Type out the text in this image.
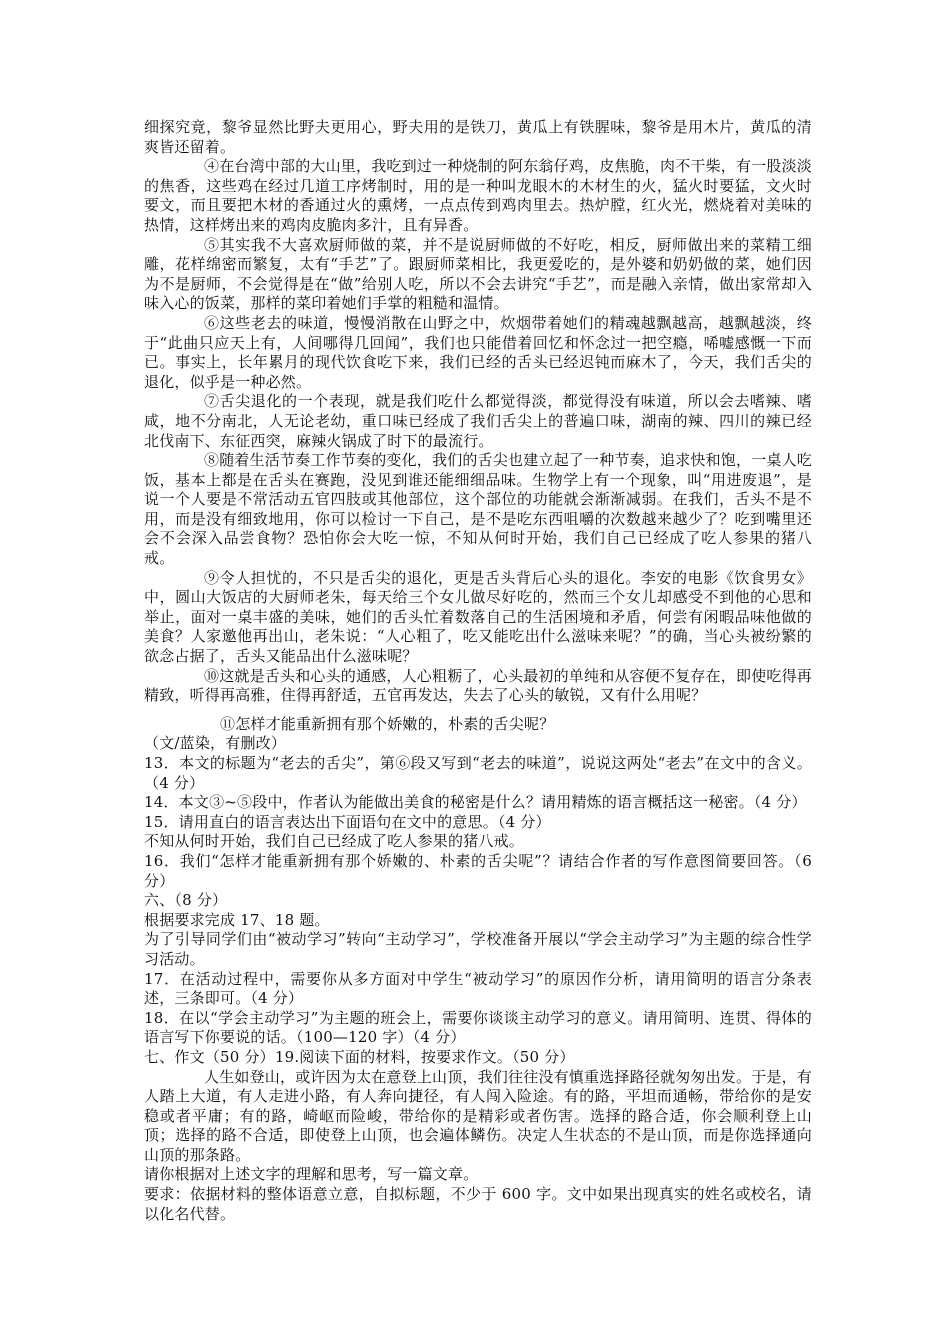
细探究竟，黎爷显然比野夫更用心，野夫用的是铁刀，黄瓜上有铁腥味，黎爷是用木片，黄瓜的清爽皆还留着。

④在台湾中部的大山里，我吃到过一种烧制的阿东翁仔鸡，皮焦脆，肉不干柴，有一股淡淡的焦香，这些鸡在经过几道工序烤制时，用的是一种叫龙眼木的木材生的火，猛火时要猛，文火时要文，而且要把木材的香通过火的熏烤，一点点传到鸡肉里去。热炉膛，红火光，燃烧着对美味的热情，这样烤出来的鸡肉皮脆肉多汁，且有异香。

⑤其实我不大喜欢厨师做的菜，并不是说厨师做的不好吃，相反，厨师做出来的菜精工细雕，花样绵密而繁复，太有“手艺”了。跟厨师菜相比，我更爱吃的，是外婆和奶奶做的菜，她们因为不是厨师，不会觉得是在“做”给别人吃，所以不会去讲究“手艺”，而是融入亲情，做出家常却入味入心的饭菜，那样的菜印着她们手掌的粗糙和温情。

⑥这些老去的味道，慢慢消散在山野之中，炊烟带着她们的精魂越飘越高，越飘越淡，终于“此曲只应天上有，人间哪得几回闻”，我们也只能借着回忆和怀念过一把空瘾，唏嘘感慨一下而已。事实上，长年累月的现代饮食吃下来，我们已经的舌头已经迟钝而麻木了，今天，我们舌尖的退化，似乎是一种必然。

⑦舌尖退化的一个表现，就是我们吃什么都觉得淡，都觉得没有味道，所以会去嗜辣、嗜咸，地不分南北，人无论老幼，重口味已经成了我们舌尖上的普遍口味，湖南的辣、四川的辣已经北伐南下、东征西突，麻辣火锅成了时下的最流行。

⑧随着生活节奏工作节奏的变化，我们的舌尖也建立起了一种节奏，追求快和饱，一桌人吃饭，基本上都是在舌头在赛跑，没见到谁还能细细品味。生物学上有一个现象，叫“用进废退”，是说一个人要是不常活动五官四肢或其他部位，这个部位的功能就会渐渐减弱。在我们，舌头不是不用，而是没有细致地用，你可以检讨一下自己，是不是吃东西咀嚼的次数越来越少了？吃到嘴里还会不会深入品尝食物？恐怕你会大吃一惊，不知从何时开始，我们自己已经成了吃人参果的猪八戒。

⑨令人担忧的，不只是舌尖的退化，更是舌头背后心头的退化。李安的电影《饮食男女》中，圆山大饭店的大厨师老朱，每天给三个女儿做尽好吃的，然而三个女儿却感受不到他的心思和举止，面对一桌丰盛的美味，她们的舌头忙着数落自己的生活困境和矛盾，何尝有闲暇品味他做的美食？人家邀他再出山，老朱说：“人心粗了，吃又能吃出什么滋味来呢？”的确，当心头被纷繁的欲念占据了，舌头又能品出什么滋味呢？

⑩这就是舌头和心头的通感，人心粗粝了，心头最初的单纯和从容便不复存在，即使吃得再精致，听得再高雅，住得再舒适，五官再发达，失去了心头的敏锐，又有什么用呢？

⑪怎样才能重新拥有那个娇嫩的，朴素的舌尖呢？

（文/蓝染，有删改）

13．本文的标题为“老去的舌尖”，第⑥段又写到“老去的味道”，说说这两处“老去”在文中的含义。（4 分）

14．本文③~⑤段中，作者认为能做出美食的秘密是什么？请用精炼的语言概括这一秘密。（4 分）

15．请用直白的语言表达出下面语句在文中的意思。（4 分）

不知从何时开始，我们自己已经成了吃人参果的猪八戒。

16．我们“怎样才能重新拥有那个娇嫩的、朴素的舌尖呢”？请结合作者的写作意图简要回答。（6 分）

六、（8 分）

根据要求完成 17、18 题。

为了引导同学们由“被动学习”转向“主动学习”，学校准备开展以“学会主动学习”为主题的综合性学习活动。

17．在活动过程中，需要你从多方面对中学生“被动学习”的原因作分析，请用简明的语言分条表述，三条即可。（4 分）

18．在以“学会主动学习”为主题的班会上，需要你谈谈主动学习的意义。请用简明、连贯、得体的语言写下你要说的话。（100—120 字）（4 分）

七、作文（50 分）19.阅读下面的材料，按要求作文。（50 分）

人生如登山，或许因为太在意登上山顶，我们往往没有慎重选择路径就匆匆出发。于是，有人踏上大道，有人走进小路，有人奔向捷径，有人闯入险途。有的路，平坦而通畅，带给你的是安稳或者平庸；有的路，崎岖而险峻，带给你的是精彩或者伤害。选择的路合适，你会顺利登上山顶；选择的路不合适，即使登上山顶，也会遍体鳞伤。决定人生状态的不是山顶，而是你选择通向山顶的那条路。

请你根据对上述文字的理解和思考，写一篇文章。

要求：依据材料的整体语意立意，自拟标题，不少于 600 字。文中如果出现真实的姓名或校名，请以化名代替。
